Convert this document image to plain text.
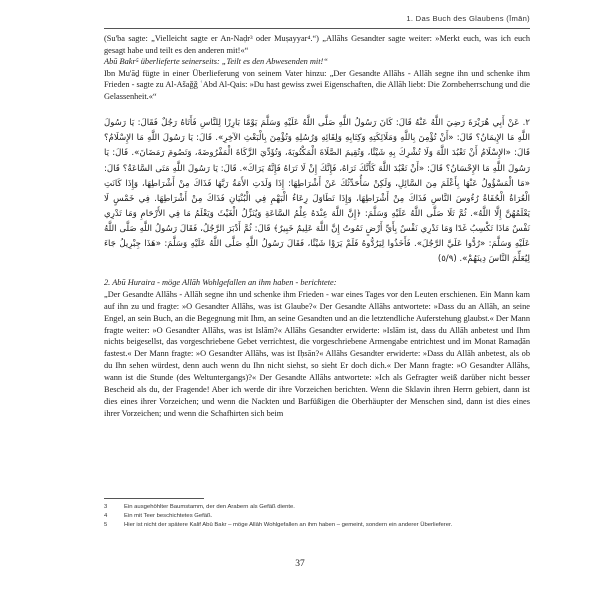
1. Das Buch des Glaubens (Īmān)

(Su'ba sagte: „Vielleicht sagte er An-Naḍr³ oder Muṣayyar⁴.“) „Allāhs Gesandter sagte weiter: »Merkt euch, was ich euch gesagt habe und teilt es den anderen mit!«“

Abū Bakr⁵ überlieferte seinerseits: „Teilt es den Abwesenden mit!“

Ibn Mu'āḏ fügte in einer Überlieferung von seinem Vater hinzu: „Der Gesandte Allāhs - Allāh segne ihn und schenke ihm Frieden - sagte zu Al-Ašaǧǧ ʿAbd Al-Qais: »Du hast gewiss zwei Eigenschaften, die Allāh liebt: Die Zornbeherrschung und die Gelassenheit.«“

٢. عَنْ أَبِي هُرَيْرَةَ رَضِيَ اللَّهُ عَنْهُ قَالَ: كَانَ رَسُولُ اللَّهِ صَلَّى اللَّهُ عَلَيْهِ وَسَلَّمَ يَوْمًا بَارِزًا لِلنَّاسِ فَأَتَاهُ رَجُلٌ فَقَالَ: يَا رَسُولَ اللَّهِ مَا الإِيمَانُ؟ قَالَ: «أَنْ تُؤْمِنَ بِاللَّهِ وَمَلَائِكَتِهِ وَكِتَابِهِ وَلِقَائِهِ وَرُسُلِهِ وَتُؤْمِنَ بِالْبَعْثِ الآخِرِ». قَالَ: يَا رَسُولَ اللَّهِ مَا الإِسْلَامُ؟ قَالَ: «الإِسْلَامُ أَنْ تَعْبُدَ اللَّهَ وَلَا تُشْرِكَ بِهِ شَيْئًا، وَتُقِيمَ الصَّلَاةَ الْمَكْتُوبَةَ، وَتُؤَدِّيَ الزَّكَاةَ الْمَفْرُوضَةَ، وَتَصُومَ رَمَضَانَ». قَالَ: يَا رَسُولَ اللَّهِ مَا الإِحْسَانُ؟ قَالَ: «أَنْ تَعْبُدَ اللَّهَ كَأَنَّكَ تَرَاهُ، فَإِنَّكَ إِنْ لَا تَرَاهُ فَإِنَّهُ يَرَاكَ». قَالَ: يَا رَسُولَ اللَّهِ مَتَى السَّاعَةُ؟ قَالَ: «مَا الْمَسْؤُولُ عَنْهَا بِأَعْلَمَ مِنَ السَّائِلِ، وَلَكِنْ سَأُحَدِّثُكَ عَنْ أَشْرَاطِهَا: إِذَا وَلَدَتِ الأَمَةُ رَبَّهَا فَذَاكَ مِنْ أَشْرَاطِهَا، وَإِذَا كَانَتِ الْعُرَاةُ الْحُفَاةُ رُءُوسَ النَّاسِ فَذَاكَ مِنْ أَشْرَاطِهَا، وَإِذَا تَطَاوَلَ رِعَاءُ الْبَهْمِ فِي الْبُنْيَانِ فَذَاكَ مِنْ أَشْرَاطِهَا. فِي خَمْسٍ لَا يَعْلَمُهُنَّ إِلَّا اللَّهُ». ثُمَّ تَلَا صَلَّى اللَّهُ عَلَيْهِ وَسَلَّمَ: ﴿إِنَّ اللَّهَ عِنْدَهُ عِلْمُ السَّاعَةِ وَيُنَزِّلُ الْغَيْثَ وَيَعْلَمُ مَا فِي الأَرْحَامِ وَمَا تَدْرِي نَفْسٌ مَاذَا تَكْسِبُ غَدًا وَمَا تَدْرِي نَفْسٌ بِأَيِّ أَرْضٍ تَمُوتُ إِنَّ اللَّهَ عَلِيمٌ خَبِيرٌ﴾ قَالَ: ثُمَّ أَدْبَرَ الرَّجُلُ، فَقَالَ رَسُولُ اللَّهِ صَلَّى اللَّهُ عَلَيْهِ وَسَلَّمَ: «رُدُّوا عَلَيَّ الرَّجُلَ». فَأَخَذُوا لِيَرُدُّوهُ فَلَمْ يَرَوْا شَيْئًا، فَقَالَ رَسُولُ اللَّهِ صَلَّى اللَّهُ عَلَيْهِ وَسَلَّمَ: «هَذَا جِبْرِيلُ جَاءَ لِيُعَلِّمَ النَّاسَ دِينَهُمْ». (٥/٩)

2. Abū Huraira - möge Allāh Wohlgefallen an ihm haben - berichtete:

„Der Gesandte Allāhs - Allāh segne ihn und schenke ihm Frieden - war eines Tages vor den Leuten erschienen. Ein Mann kam auf ihn zu und fragte: »O Gesandter Allāhs, was ist Glaube?« Der Gesandte Allāhs antwortete: »Dass du an Allāh, an seine Engel, an sein Buch, an die Begegnung mit Ihm, an seine Gesandten und an die letztendliche Auferstehung glaubst.« Der Mann fragte weiter: »O Gesandter Allāhs, was ist Islām?« Allāhs Gesandter erwiderte: »Islām ist, dass du Allāh anbetest und Ihm nichts beigesellst, das vorgeschriebene Gebet verrichtest, die vorgeschriebene Armengabe entrichtest und im Monat Ramaḍān fastest.« Der Mann fragte: »O Gesandter Allāhs, was ist Iḥsān?« Allāhs Gesandter erwiderte: »Dass du Allāh anbetest, als ob du Ihn sehen würdest, denn auch wenn du Ihn nicht siehst, so sieht Er doch dich.« Der Mann fragte: »O Gesandter Allāhs, wann ist die Stunde (des Weltuntergangs)?« Der Gesandte Allāhs antwortete: »Ich als Gefragter weiß darüber nicht besser Bescheid als du, der Fragende! Aber ich werde dir ihre Vorzeichen berichten. Wenn die Sklavin ihren Herrn gebiert, dann ist dies eines ihrer Vorzeichen; und wenn die Nackten und Barfüßigen die Oberhäupter der Menschen sind, dann ist dies eines ihrer Vorzeichen; und wenn die Schafhirten sich beim

3	Ein ausgehöhlter Baumstamm, der den Arabern als Gefäß diente.
4	Ein mit Teer beschichtetes Gefäß.
5	Hier ist nicht der spätere Kalif Abū Bakr – möge Allāh Wohlgefallen an ihm haben – gemeint, sondern ein anderer Überlieferer.
37
